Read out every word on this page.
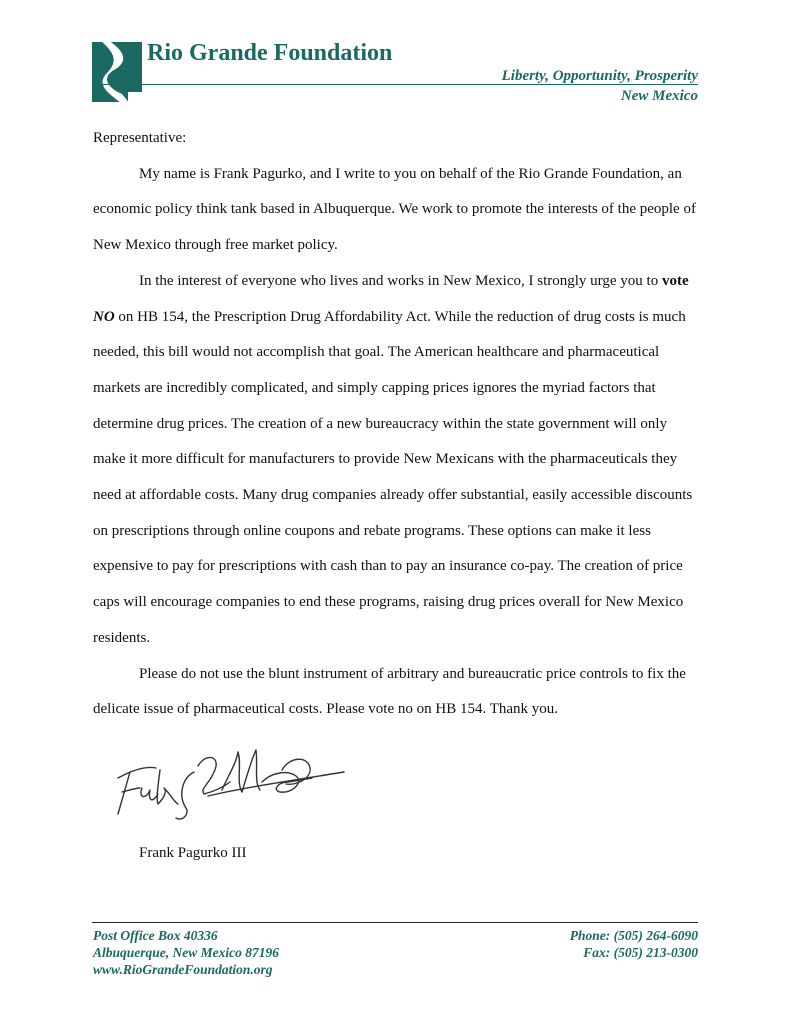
Rio Grande Foundation
Liberty, Opportunity, Prosperity
New Mexico

Representative:

My name is Frank Pagurko, and I write to you on behalf of the Rio Grande Foundation, an economic policy think tank based in Albuquerque. We work to promote the interests of the people of New Mexico through free market policy.

In the interest of everyone who lives and works in New Mexico, I strongly urge you to vote NO on HB 154, the Prescription Drug Affordability Act. While the reduction of drug costs is much needed, this bill would not accomplish that goal. The American healthcare and pharmaceutical markets are incredibly complicated, and simply capping prices ignores the myriad factors that determine drug prices. The creation of a new bureaucracy within the state government will only make it more difficult for manufacturers to provide New Mexicans with the pharmaceuticals they need at affordable costs. Many drug companies already offer substantial, easily accessible discounts on prescriptions through online coupons and rebate programs. These options can make it less expensive to pay for prescriptions with cash than to pay an insurance co-pay. The creation of price caps will encourage companies to end these programs, raising drug prices overall for New Mexico residents.

Please do not use the blunt instrument of arbitrary and bureaucratic price controls to fix the delicate issue of pharmaceutical costs. Please vote no on HB 154. Thank you.

Frank Pagurko III
Post Office Box 40336
Albuquerque, New Mexico 87196
www.RioGrandeFoundation.org
Phone: (505) 264-6090
Fax: (505) 213-0300
